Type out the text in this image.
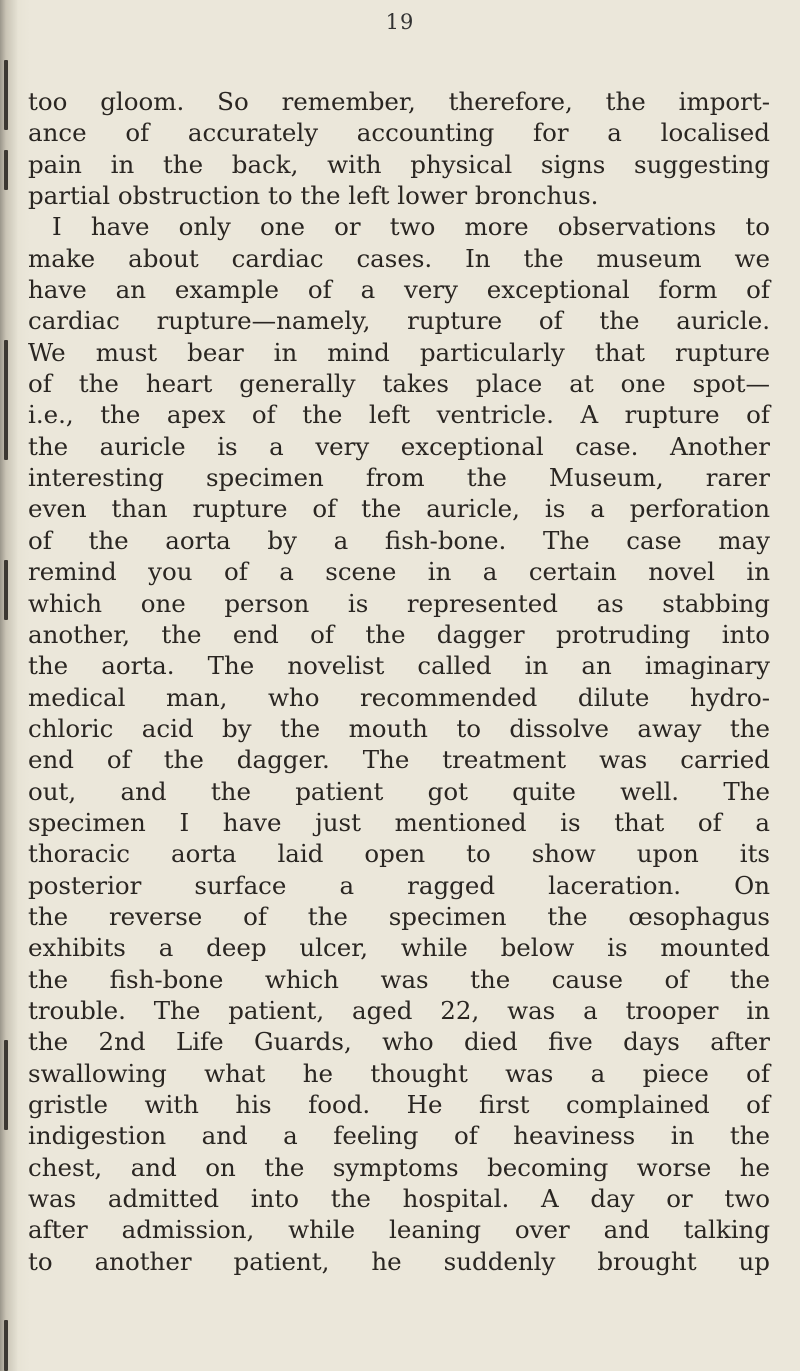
19
too gloom. So remember, therefore, the import-
ance of accurately accounting for a localised
pain in the back, with physical signs suggesting
partial obstruction to the left lower bronchus.
I have only one or two more observations to
make about cardiac cases. In the museum we
have an example of a very exceptional form of
cardiac rupture—namely, rupture of the auricle.
We must bear in mind particularly that rupture
of the heart generally takes place at one spot—
i.e., the apex of the left ventricle. A rupture of
the auricle is a very exceptional case. Another
interesting specimen from the Museum, rarer
even than rupture of the auricle, is a perforation
of the aorta by a fish-bone. The case may
remind you of a scene in a certain novel in
which one person is represented as stabbing
another, the end of the dagger protruding into
the aorta. The novelist called in an imaginary
medical man, who recommended dilute hydro-
chloric acid by the mouth to dissolve away the
end of the dagger. The treatment was carried
out, and the patient got quite well. The
specimen I have just mentioned is that of a
thoracic aorta laid open to show upon its
posterior surface a ragged laceration. On
the reverse of the specimen the œsophagus
exhibits a deep ulcer, while below is mounted
the fish-bone which was the cause of the
trouble. The patient, aged 22, was a trooper in
the 2nd Life Guards, who died five days after
swallowing what he thought was a piece of
gristle with his food. He first complained of
indigestion and a feeling of heaviness in the
chest, and on the symptoms becoming worse he
was admitted into the hospital. A day or two
after admission, while leaning over and talking
to another patient, he suddenly brought up
